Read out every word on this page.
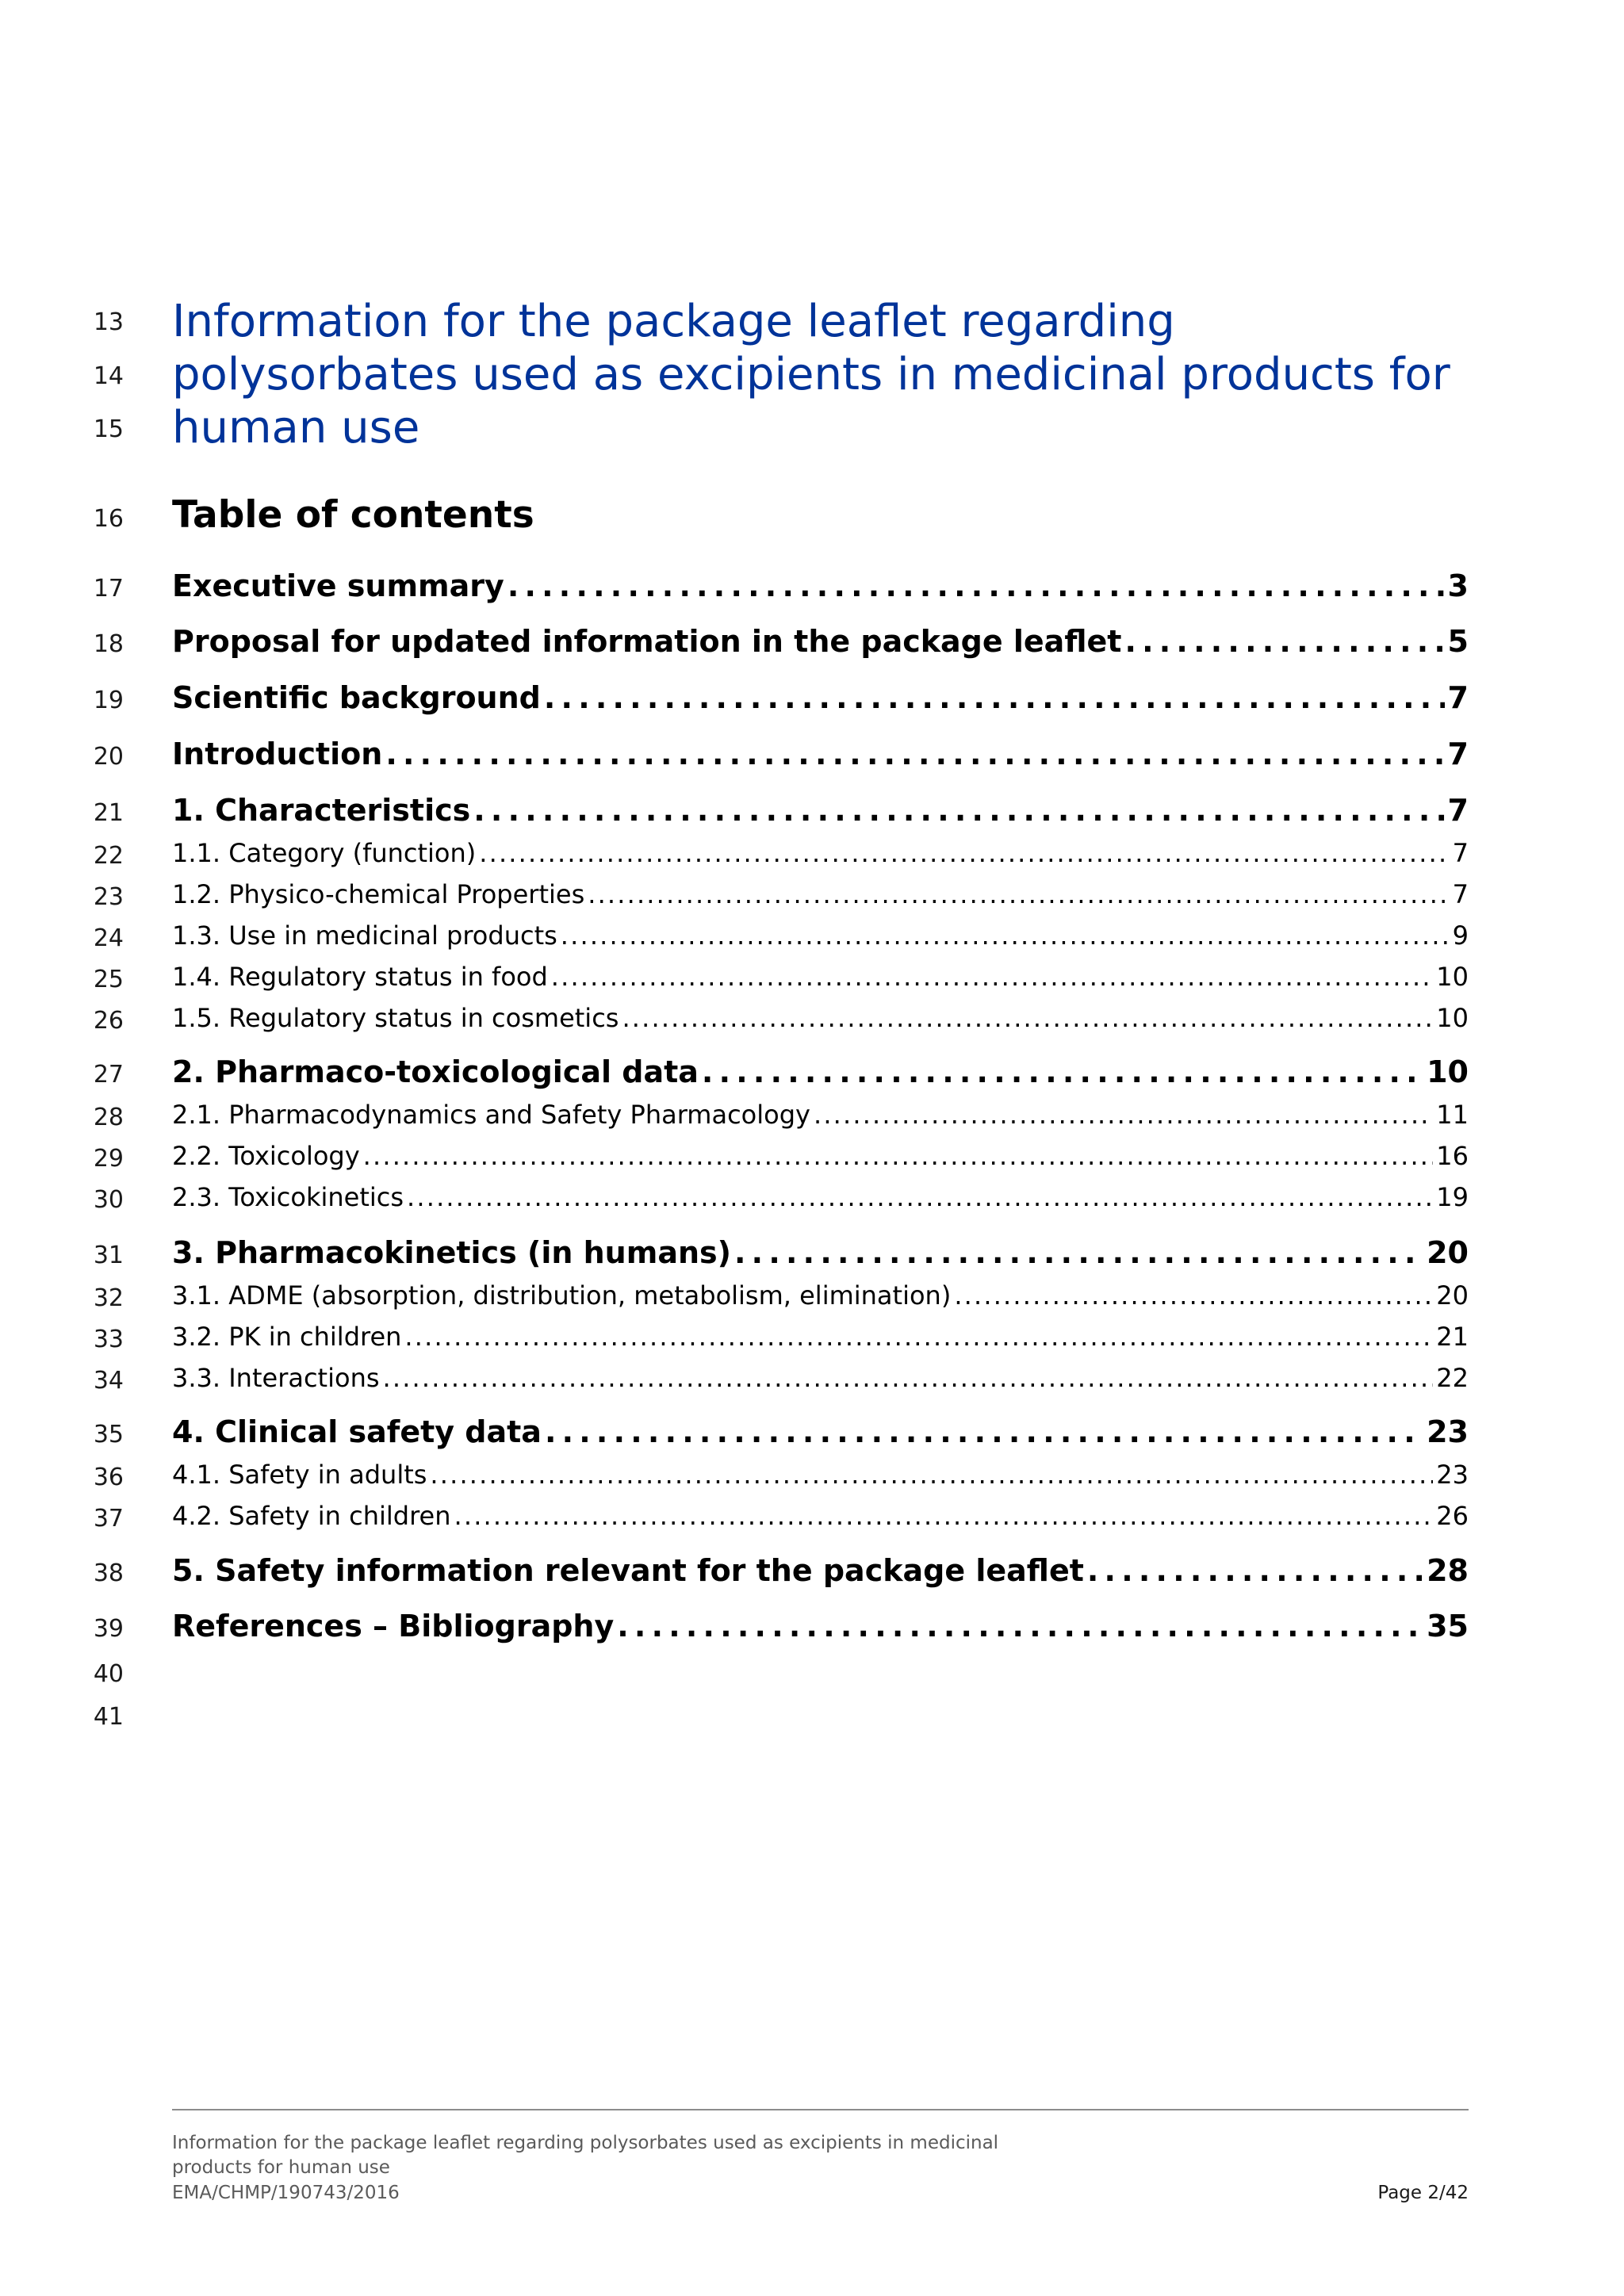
13
14
15
16
17
18
19
20
21
22
23
24
25
26
27
28
29
30
31
32
33
34
35
36
37
38
39
40
41
Information for the package leaflet regarding
polysorbates used as excipients in medicinal products for
human use
Table of contents
Executive summary . . .	3
Proposal for updated information in the package leaflet . . .	5
Scientific background . . .	7
Introduction . . .	7
1. Characteristics . . .	7
1.1. Category (function) . . .	7
1.2. Physico-chemical Properties . . .	7
1.3. Use in medicinal products . . .	9
1.4. Regulatory status in food . . .	10
1.5. Regulatory status in cosmetics . . .	10
2. Pharmaco-toxicological data . . .	10
2.1. Pharmacodynamics and Safety Pharmacology . . .	11
2.2. Toxicology . . .	16
2.3. Toxicokinetics . . .	19
3. Pharmacokinetics (in humans) . . .	20
3.1. ADME (absorption, distribution, metabolism, elimination) . . .	20
3.2. PK in children . . .	21
3.3. Interactions . . .	22
4. Clinical safety data . . .	23
4.1. Safety in adults . . .	23
4.2. Safety in children . . .	26
5. Safety information relevant for the package leaflet . . .	28
References – Bibliography . . .	35
Information for the package leaflet regarding polysorbates used as excipients in medicinal
products for human use
EMA/CHMP/190743/2016	Page 2/42
